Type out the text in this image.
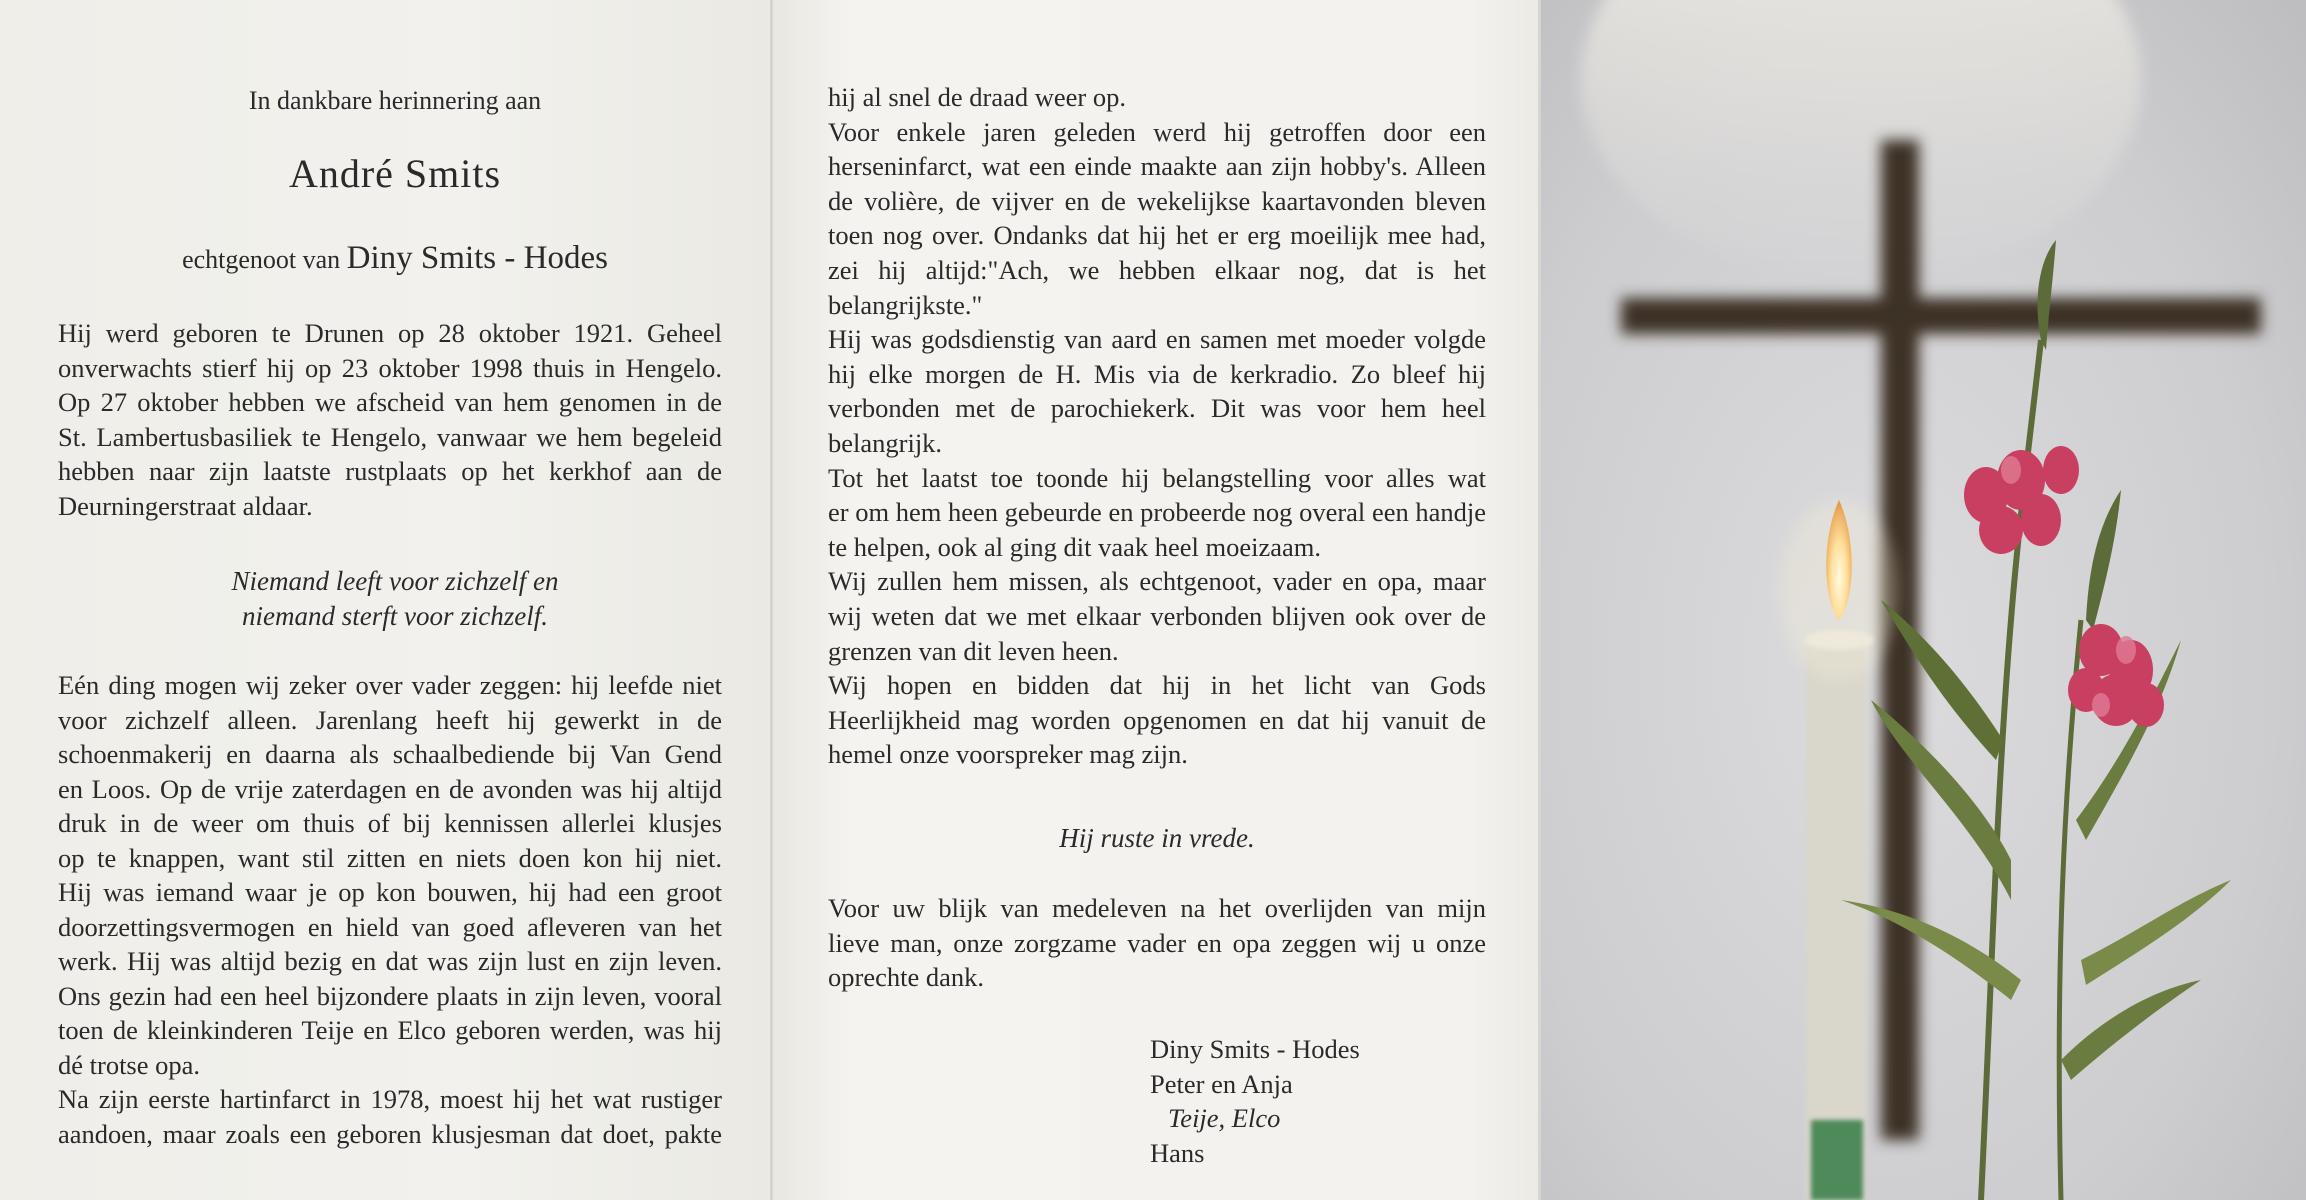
In dankbare herinnering aan
André Smits
echtgenoot van Diny Smits - Hodes
Hij werd geboren te Drunen op 28 oktober 1921. Geheel
onverwachts stierf hij op 23 oktober 1998 thuis in Hengelo.
Op 27 oktober hebben we afscheid van hem genomen in de
St. Lambertusbasiliek te Hengelo, vanwaar we hem begeleid
hebben naar zijn laatste rustplaats op het kerkhof aan de
Deurningerstraat aldaar.
Niemand leeft voor zichzelf en
niemand sterft voor zichzelf.
Eén ding mogen wij zeker over vader zeggen: hij leefde niet
voor zichzelf alleen. Jarenlang heeft hij gewerkt in de
schoenmakerij en daarna als schaalbediende bij Van Gend
en Loos. Op de vrije zaterdagen en de avonden was hij altijd
druk in de weer om thuis of bij kennissen allerlei klusjes
op te knappen, want stil zitten en niets doen kon hij niet.
Hij was iemand waar je op kon bouwen, hij had een groot
doorzettingsvermogen en hield van goed afleveren van het
werk. Hij was altijd bezig en dat was zijn lust en zijn leven.
Ons gezin had een heel bijzondere plaats in zijn leven, vooral
toen de kleinkinderen Teije en Elco geboren werden, was hij
dé trotse opa.
Na zijn eerste hartinfarct in 1978, moest hij het wat rustiger
aandoen, maar zoals een geboren klusjesman dat doet, pakte
hij al snel de draad weer op.
Voor enkele jaren geleden werd hij getroffen door een
herseninfarct, wat een einde maakte aan zijn hobby's. Alleen
de volière, de vijver en de wekelijkse kaartavonden bleven
toen nog over. Ondanks dat hij het er erg moeilijk mee had,
zei hij altijd:"Ach, we hebben elkaar nog, dat is het
belangrijkste."
Hij was godsdienstig van aard en samen met moeder volgde
hij elke morgen de H. Mis via de kerkradio. Zo bleef hij
verbonden met de parochiekerk. Dit was voor hem heel
belangrijk.
Tot het laatst toe toonde hij belangstelling voor alles wat
er om hem heen gebeurde en probeerde nog overal een handje
te helpen, ook al ging dit vaak heel moeizaam.
Wij zullen hem missen, als echtgenoot, vader en opa, maar
wij weten dat we met elkaar verbonden blijven ook over de
grenzen van dit leven heen.
Wij hopen en bidden dat hij in het licht van Gods
Heerlijkheid mag worden opgenomen en dat hij vanuit de
hemel onze voorspreker mag zijn.
Hij ruste in vrede.
Voor uw blijk van medeleven na het overlijden van mijn
lieve man, onze zorgzame vader en opa zeggen wij u onze
oprechte dank.
Diny Smits - Hodes
Peter en Anja
Teije, Elco
Hans
